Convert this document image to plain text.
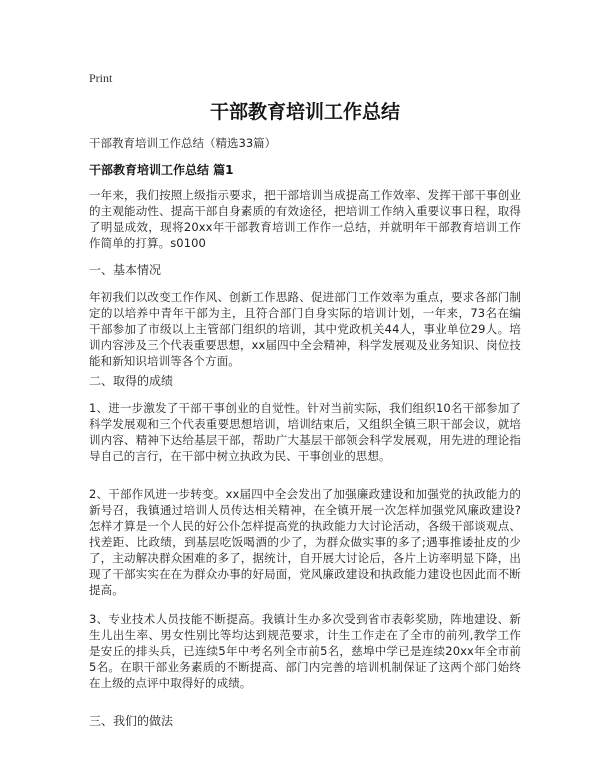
Print
干部教育培训工作总结
干部教育培训工作总结（精选33篇）
干部教育培训工作总结 篇1
一年来，我们按照上级指示要求，把干部培训当成提高工作效率、发挥干部干事创业的主观能动性、提高干部自身素质的有效途径，把培训工作纳入重要议事日程，取得了明显成效，现将20xx年干部教育培训工作作一总结，并就明年干部教育培训工作作简单的打算。s0100
一、基本情况
年初我们以改变工作作风、创新工作思路、促进部门工作效率为重点，要求各部门制定的以培养中青年干部为主，且符合部门自身实际的培训计划，一年来，73名在编干部参加了市级以上主管部门组织的培训，其中党政机关44人，事业单位29人。培训内容涉及三个代表重要思想，xx届四中全会精神，科学发展观及业务知识、岗位技能和新知识培训等各个方面。
二、取得的成绩
1、进一步激发了干部干事创业的自觉性。针对当前实际，我们组织10名干部参加了科学发展观和三个代表重要思想培训，培训结束后，又组织全镇三职干部会议，就培训内容、精神下达给基层干部，帮助广大基层干部领会科学发展观，用先进的理论指导自己的言行，在干部中树立执政为民、干事创业的思想。
2、干部作风进一步转变。xx届四中全会发出了加强廉政建设和加强党的执政能力的新号召，我镇通过培训人员传达相关精神，在全镇开展一次怎样加强党风廉政建设?怎样才算是一个人民的好公仆怎样提高党的执政能力大讨论活动，各级干部谈观点、找差距、比政绩，到基层吃饭喝酒的少了，为群众做实事的多了;遇事推诿扯皮的少了，主动解决群众困难的多了，据统计，自开展大讨论后，各片上访率明显下降，出现了干部实实在在为群众办事的好局面，党风廉政建设和执政能力建设也因此而不断提高。
3、专业技术人员技能不断提高。我镇计生办多次受到省市表彰奖励，阵地建设、新生儿出生率、男女性别比等均达到规范要求，计生工作走在了全市的前列,教学工作是安丘的排头兵，已连续5年中考名列全市前5名，慈埠中学已是连续20xx年全市前5名。在职干部业务素质的不断提高、部门内完善的培训机制保证了这两个部门始终在上级的点评中取得好的成绩。
三、我们的做法
